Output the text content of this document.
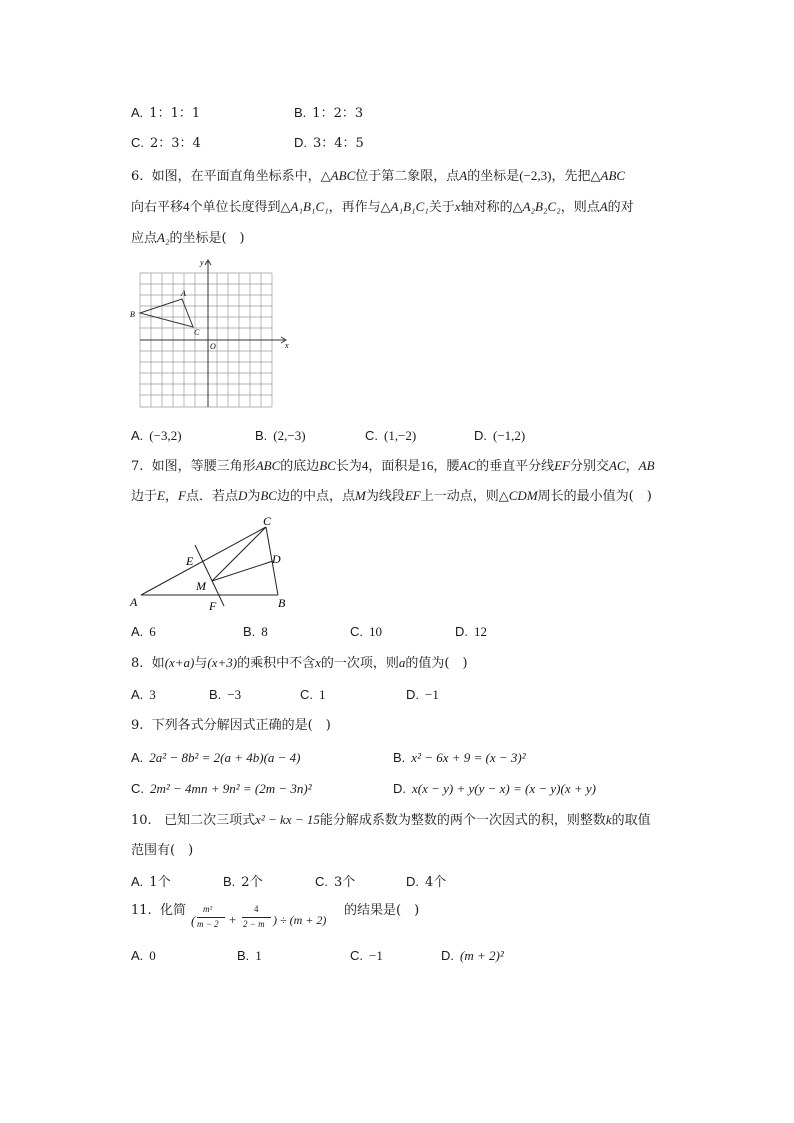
A. 1：1：1	B. 1：2：3
C. 2：3：4	D. 3：4：5
6. 如图，在平面直角坐标系中，△ABC位于第二象限，点A的坐标是(−2,3)，先把△ABC
向右平移4个单位长度得到△A₁B₁C₁，再作与△A₁B₁C₁关于x轴对称的△A₂B₂C₂，则点A的对
应点A₂的坐标是(　)
y
x
O
A
B
C
A. (−3,2)	B. (2,−3)	C. (1,−2)	D. (−1,2)
7. 如图，等腰三角形ABC的底边BC长为4，面积是16，腰AC的垂直平分线EF分别交AC，AB
边于E，F点．若点D为BC边的中点，点M为线段EF上一动点，则△CDM周长的最小值为(　)
A	B
C
D
E
F
M
A. 6	B. 8	C. 10	D. 12
8. 如(x+a)与(x+3)的乘积中不含x的一次项，则a的值为(　)
A. 3	B. −3	C. 1	D. −1
9. 下列各式分解因式正确的是(　)
A. 2a² − 8b² = 2(a + 4b)(a − 4)	B. x² − 6x + 9 = (x − 3)²
C. 2m² − 4mn + 9n² = (2m − 3n)²	D. x(x − y) + y(y − x) = (x − y)(x + y)
10. 已知二次三项式x² − kx − 15能分解成系数为整数的两个一次因式的积，则整数k的取值
范围有(　)
A. 1个	B. 2个	C. 3个	D. 4个
11. 化简
(
m²
m − 2 +
4
2 − m ) ÷ (m + 2)
的结果是(　)
A. 0	B. 1	C. −1	D. (m + 2)²
